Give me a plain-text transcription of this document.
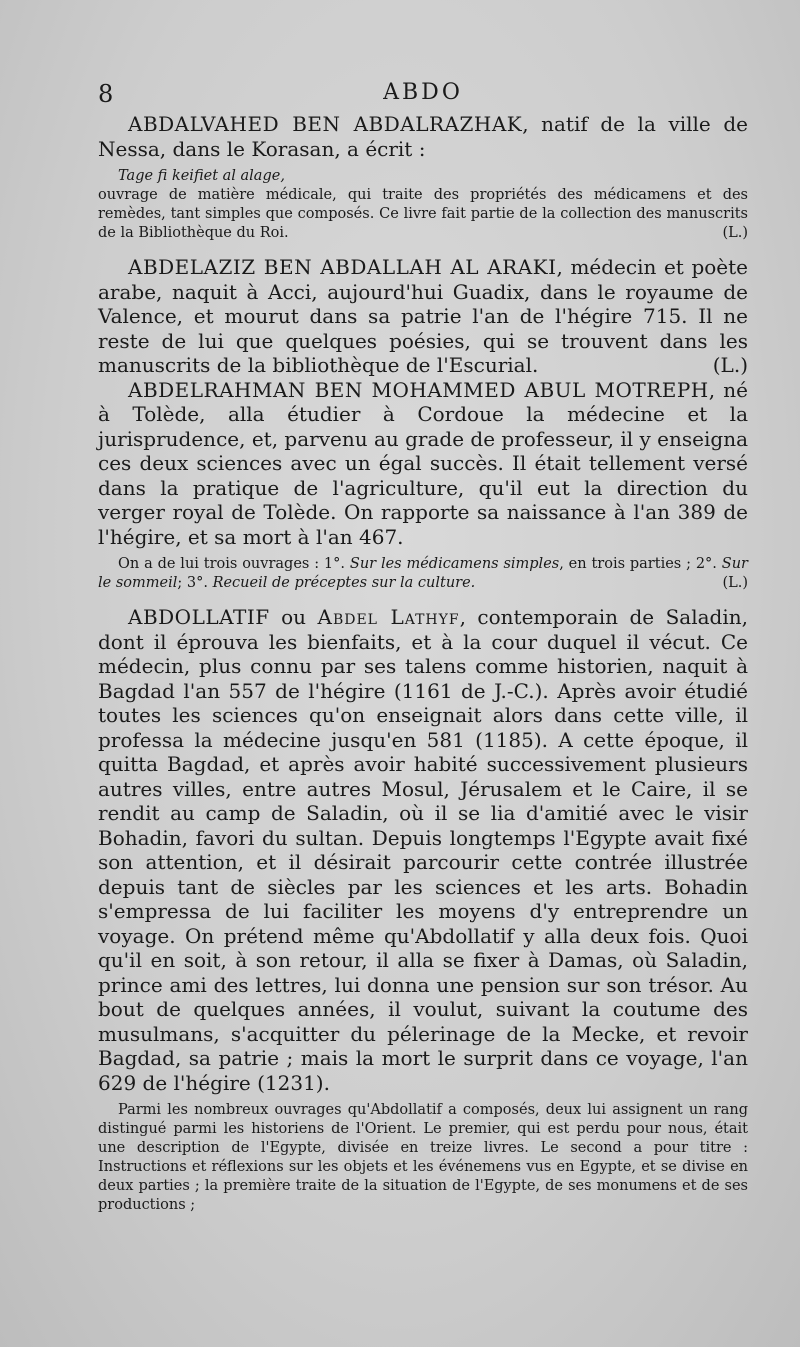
8	ABDO

ABDALVAHED BEN ABDALRAZHAK, natif de la ville de Nessa, dans le Korasan, a écrit :

Tage fi keifiet al alage,
ouvrage de matière médicale, qui traite des propriétés des médicamens et des remèdes, tant simples que composés. Ce livre fait partie de la collection des manuscrits de la Bibliothèque du Roi.	(L.)

ABDELAZIZ BEN ABDALLAH AL ARAKI, médecin et poète arabe, naquit à Acci, aujourd'hui Guadix, dans le royaume de Valence, et mourut dans sa patrie l'an de l'hégire 715. Il ne reste de lui que quelques poésies, qui se trouvent dans les manuscrits de la bibliothèque de l'Escurial.	(L.)

ABDELRAHMAN BEN MOHAMMED ABUL MOTREPH, né à Tolède, alla étudier à Cordoue la médecine et la jurisprudence, et, parvenu au grade de professeur, il y enseigna ces deux sciences avec un égal succès. Il était tellement versé dans la pratique de l'agriculture, qu'il eut la direction du verger royal de Tolède. On rapporte sa naissance à l'an 389 de l'hégire, et sa mort à l'an 467.

On a de lui trois ouvrages : 1°. Sur les médicamens simples, en trois parties ; 2°. Sur le sommeil; 3°. Recueil de préceptes sur la culture.	(L.)

ABDOLLATIF ou Abdel Lathyf, contemporain de Saladin, dont il éprouva les bienfaits, et à la cour duquel il vécut. Ce médecin, plus connu par ses talens comme historien, naquit à Bagdad l'an 557 de l'hégire (1161 de J.-C.). Après avoir étudié toutes les sciences qu'on enseignait alors dans cette ville, il professa la médecine jusqu'en 581 (1185). A cette époque, il quitta Bagdad, et après avoir habité successivement plusieurs autres villes, entre autres Mosul, Jérusalem et le Caire, il se rendit au camp de Saladin, où il se lia d'amitié avec le visir Bohadin, favori du sultan. Depuis longtemps l'Egypte avait fixé son attention, et il désirait parcourir cette contrée illustrée depuis tant de siècles par les sciences et les arts. Bohadin s'empressa de lui faciliter les moyens d'y entreprendre un voyage. On prétend même qu'Abdollatif y alla deux fois. Quoi qu'il en soit, à son retour, il alla se fixer à Damas, où Saladin, prince ami des lettres, lui donna une pension sur son trésor. Au bout de quelques années, il voulut, suivant la coutume des musulmans, s'acquitter du pélerinage de la Mecke, et revoir Bagdad, sa patrie ; mais la mort le surprit dans ce voyage, l'an 629 de l'hégire (1231).

Parmi les nombreux ouvrages qu'Abdollatif a composés, deux lui assignent un rang distingué parmi les historiens de l'Orient. Le premier, qui est perdu pour nous, était une description de l'Egypte, divisée en treize livres. Le second a pour titre : Instructions et réflexions sur les objets et les événemens vus en Egypte, et se divise en deux parties ; la première traite de la situation de l'Egypte, de ses monumens et de ses productions ;
